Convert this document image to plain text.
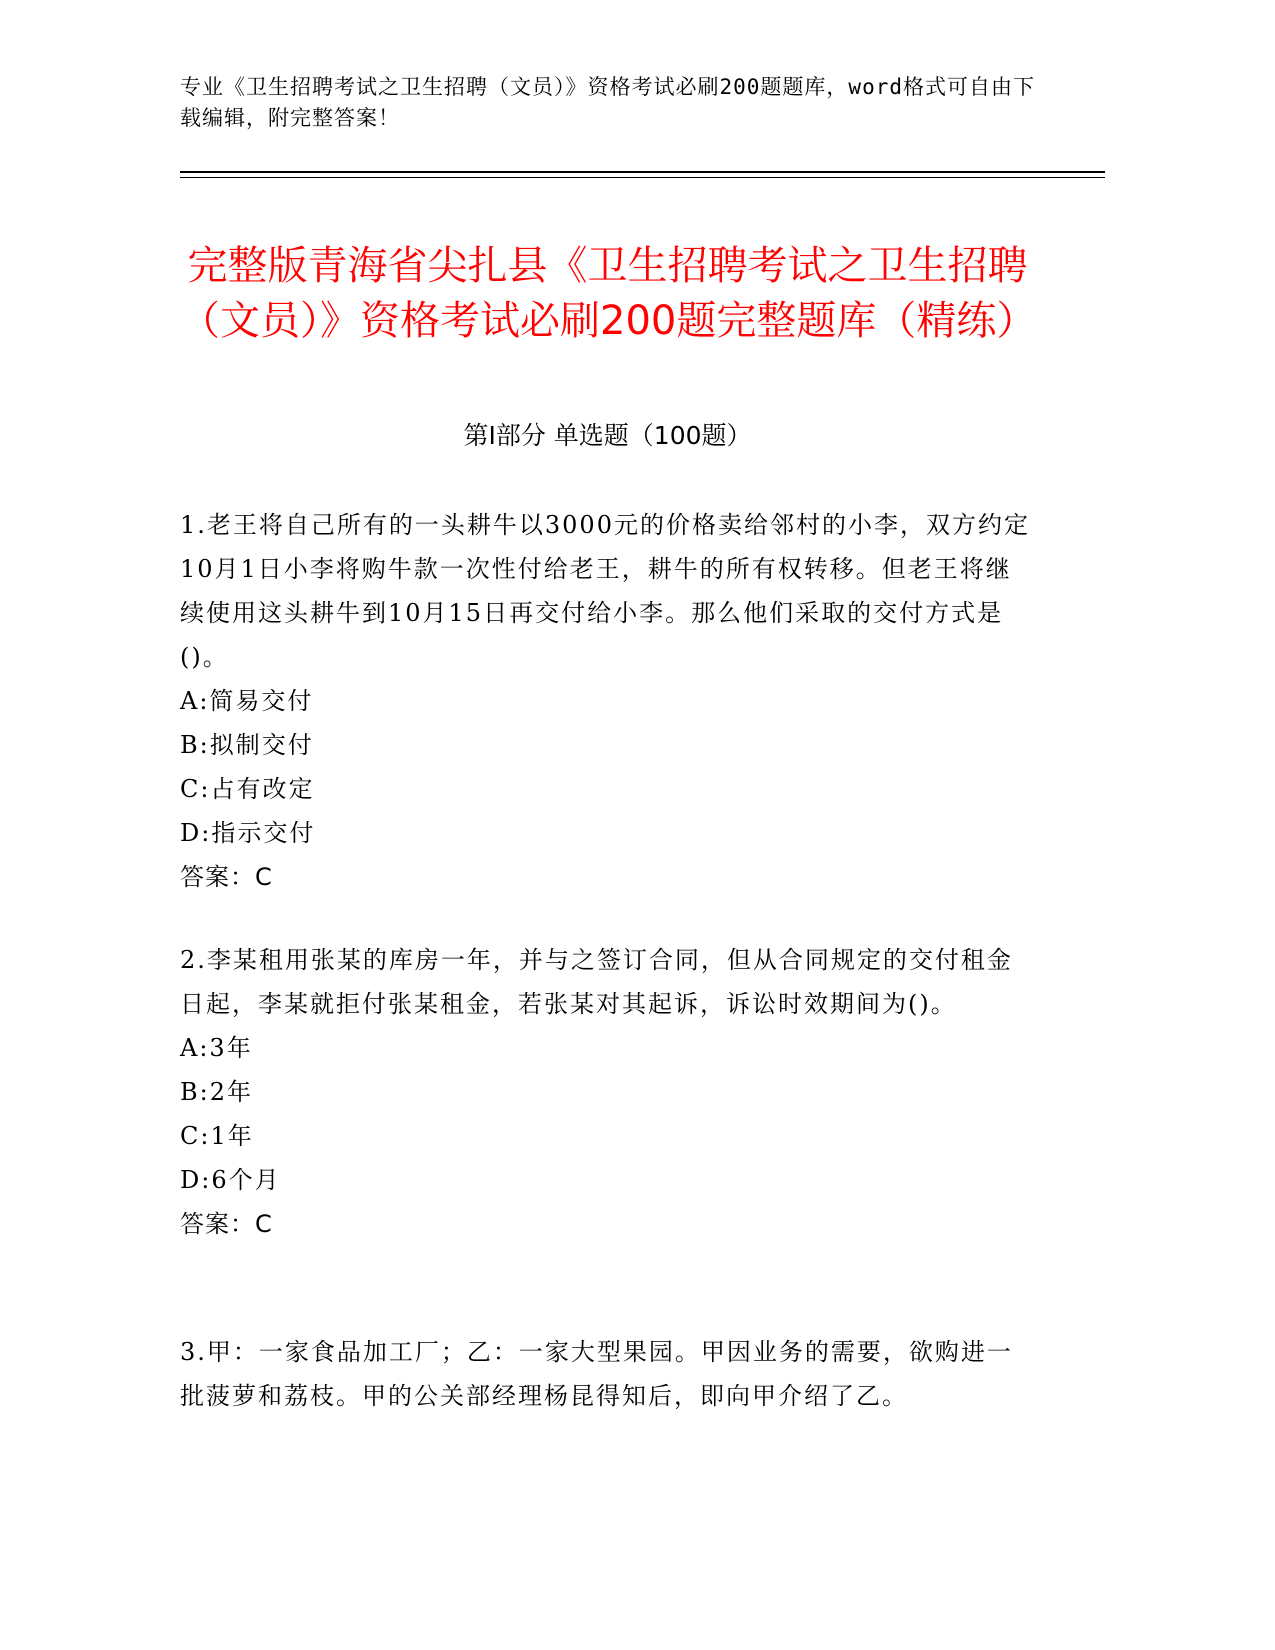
专业《卫生招聘考试之卫生招聘（文员）》资格考试必刷200题题库，word格式可自由下载编辑，附完整答案！
完整版青海省尖扎县《卫生招聘考试之卫生招聘（文员）》资格考试必刷200题完整题库（精练）
第Ⅰ部分 单选题（100题）
1.老王将自己所有的一头耕牛以3000元的价格卖给邻村的小李，双方约定10月1日小李将购牛款一次性付给老王，耕牛的所有权转移。但老王将继续使用这头耕牛到10月15日再交付给小李。那么他们采取的交付方式是()。
A:简易交付
B:拟制交付
C:占有改定
D:指示交付
答案：C
2.李某租用张某的库房一年，并与之签订合同，但从合同规定的交付租金日起，李某就拒付张某租金，若张某对其起诉，诉讼时效期间为()。
A:3年
B:2年
C:1年
D:6个月
答案：C
3.甲：一家食品加工厂；乙：一家大型果园。甲因业务的需要，欲购进一批菠萝和荔枝。甲的公关部经理杨昆得知后，即向甲介绍了乙。
